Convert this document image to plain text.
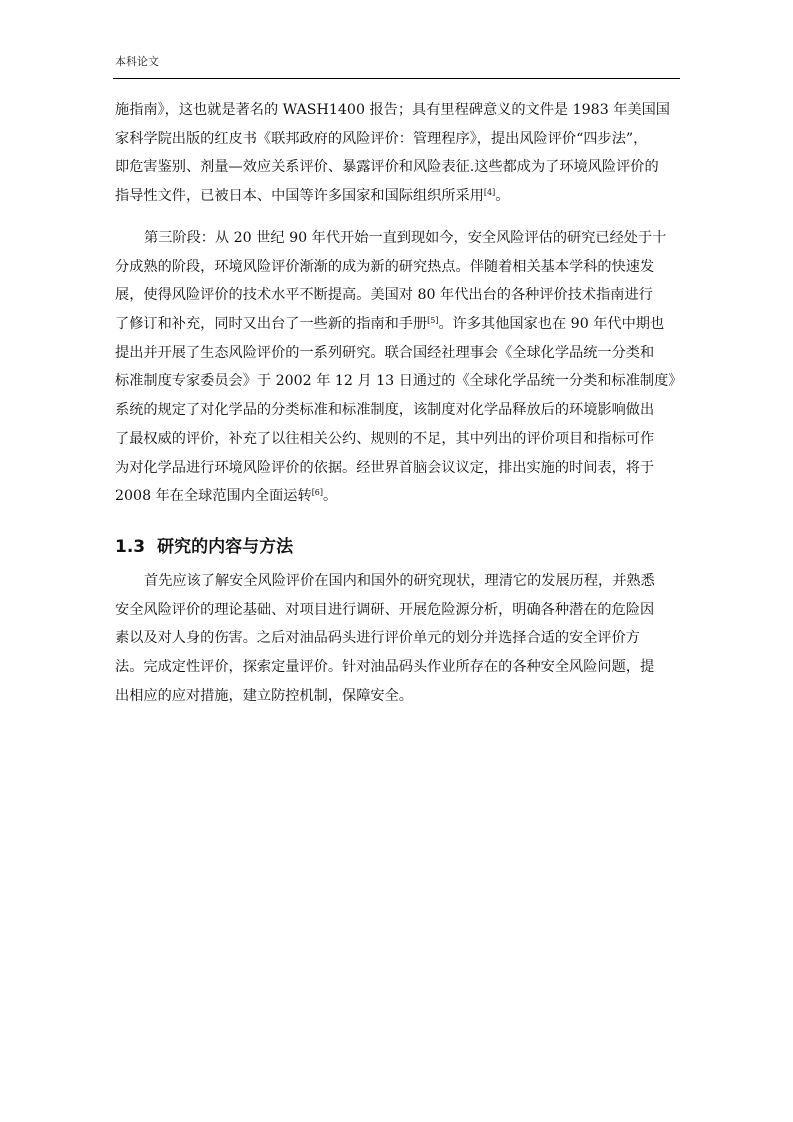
本科论文
施指南》，这也就是著名的 WASH1400 报告；具有里程碑意义的文件是 1983 年美国国
家科学院出版的红皮书《联邦政府的风险评价：管理程序》，提出风险评价“四步法”，
即危害鉴别、剂量—效应关系评价、暴露评价和风险表征.这些都成为了环境风险评价的
指导性文件，已被日本、中国等许多国家和国际组织所采用[4]。
第三阶段：从 20 世纪 90 年代开始一直到现如今，安全风险评估的研究已经处于十
分成熟的阶段，环境风险评价渐渐的成为新的研究热点。伴随着相关基本学科的快速发
展，使得风险评价的技术水平不断提高。美国对 80 年代出台的各种评价技术指南进行
了修订和补充，同时又出台了一些新的指南和手册[5]。许多其他国家也在 90 年代中期也
提出并开展了生态风险评价的一系列研究。联合国经社理事会《全球化学品统一分类和
标准制度专家委员会》于 2002 年 12 月 13 日通过的《全球化学品统一分类和标准制度》
系统的规定了对化学品的分类标准和标准制度，该制度对化学品释放后的环境影响做出
了最权威的评价，补充了以往相关公约、规则的不足，其中列出的评价项目和指标可作
为对化学品进行环境风险评价的依据。经世界首脑会议议定，排出实施的时间表，将于
2008 年在全球范围内全面运转[6]。
1.3 研究的内容与方法
首先应该了解安全风险评价在国内和国外的研究现状，理清它的发展历程，并熟悉
安全风险评价的理论基础、对项目进行调研、开展危险源分析，明确各种潜在的危险因
素以及对人身的伤害。之后对油品码头进行评价单元的划分并选择合适的安全评价方
法。完成定性评价，探索定量评价。针对油品码头作业所存在的各种安全风险问题，提
出相应的应对措施，建立防控机制，保障安全。
